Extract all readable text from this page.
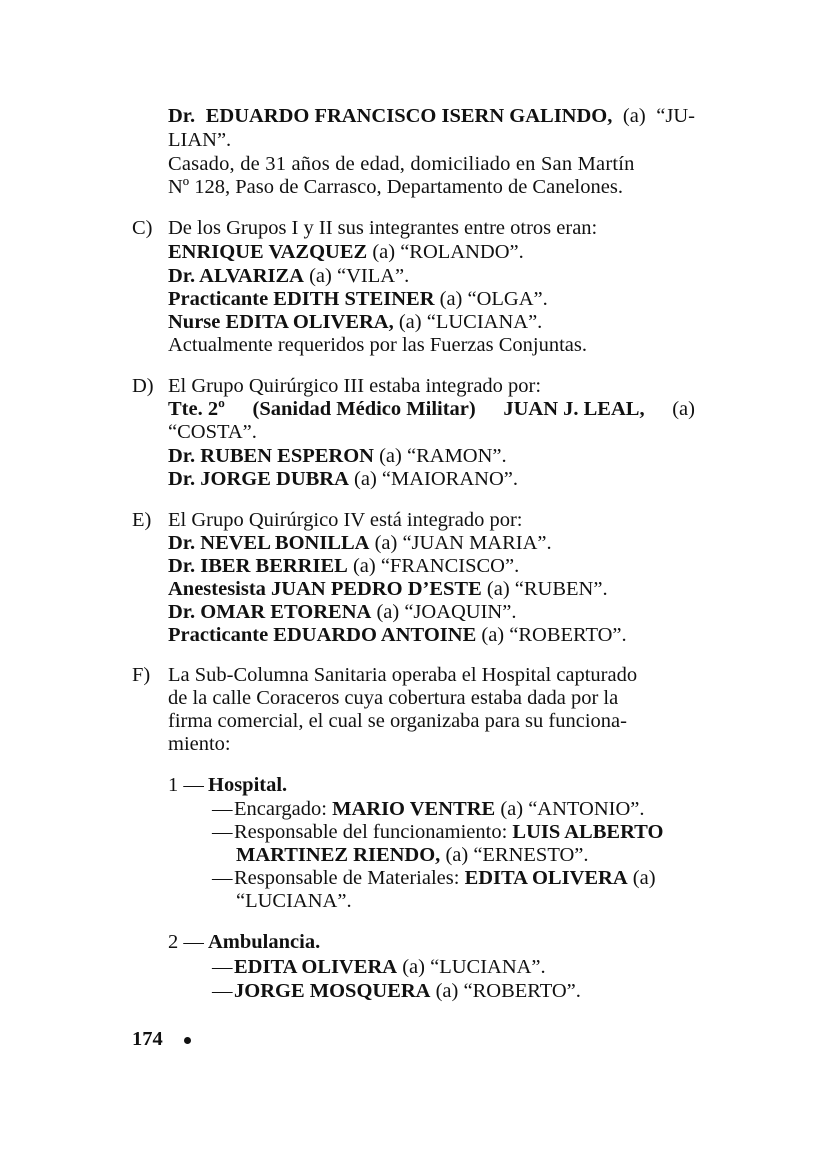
Dr. EDUARDO FRANCISCO ISERN GALINDO, (a) “JU-
LIAN”.
Casado, de 31 años de edad, domiciliado en San Martín
Nº 128, Paso de Carrasco, Departamento de Canelones.
C) De los Grupos I y II sus integrantes entre otros eran:
ENRIQUE VAZQUEZ (a) “ROLANDO”.
Dr. ALVARIZA (a) “VILA”.
Practicante EDITH STEINER (a) “OLGA”.
Nurse EDITA OLIVERA, (a) “LUCIANA”.
Actualmente requeridos por las Fuerzas Conjuntas.
D) El Grupo Quirúrgico III estaba integrado por:
Tte. 2º (Sanidad Médico Militar) JUAN J. LEAL, (a)
“COSTA”.
Dr. RUBEN ESPERON (a) “RAMON”.
Dr. JORGE DUBRA (a) “MAIORANO”.
E) El Grupo Quirúrgico IV está integrado por:
Dr. NEVEL BONILLA (a) “JUAN MARIA”.
Dr. IBER BERRIEL (a) “FRANCISCO”.
Anestesista JUAN PEDRO D’ESTE (a) “RUBEN”.
Dr. OMAR ETORENA (a) “JOAQUIN”.
Practicante EDUARDO ANTOINE (a) “ROBERTO”.
F) La Sub-Columna Sanitaria operaba el Hospital capturado
de la calle Coraceros cuya cobertura estaba dada por la
firma comercial, el cual se organizaba para su funciona-
miento:
1 — Hospital.
—Encargado: MARIO VENTRE (a) “ANTONIO”.
—Responsable del funcionamiento: LUIS ALBERTO
MARTINEZ RIENDO, (a) “ERNESTO”.
—Responsable de Materiales: EDITA OLIVERA (a)
“LUCIANA”.
2 — Ambulancia.
—EDITA OLIVERA (a) “LUCIANA”.
—JORGE MOSQUERA (a) “ROBERTO”.
174
